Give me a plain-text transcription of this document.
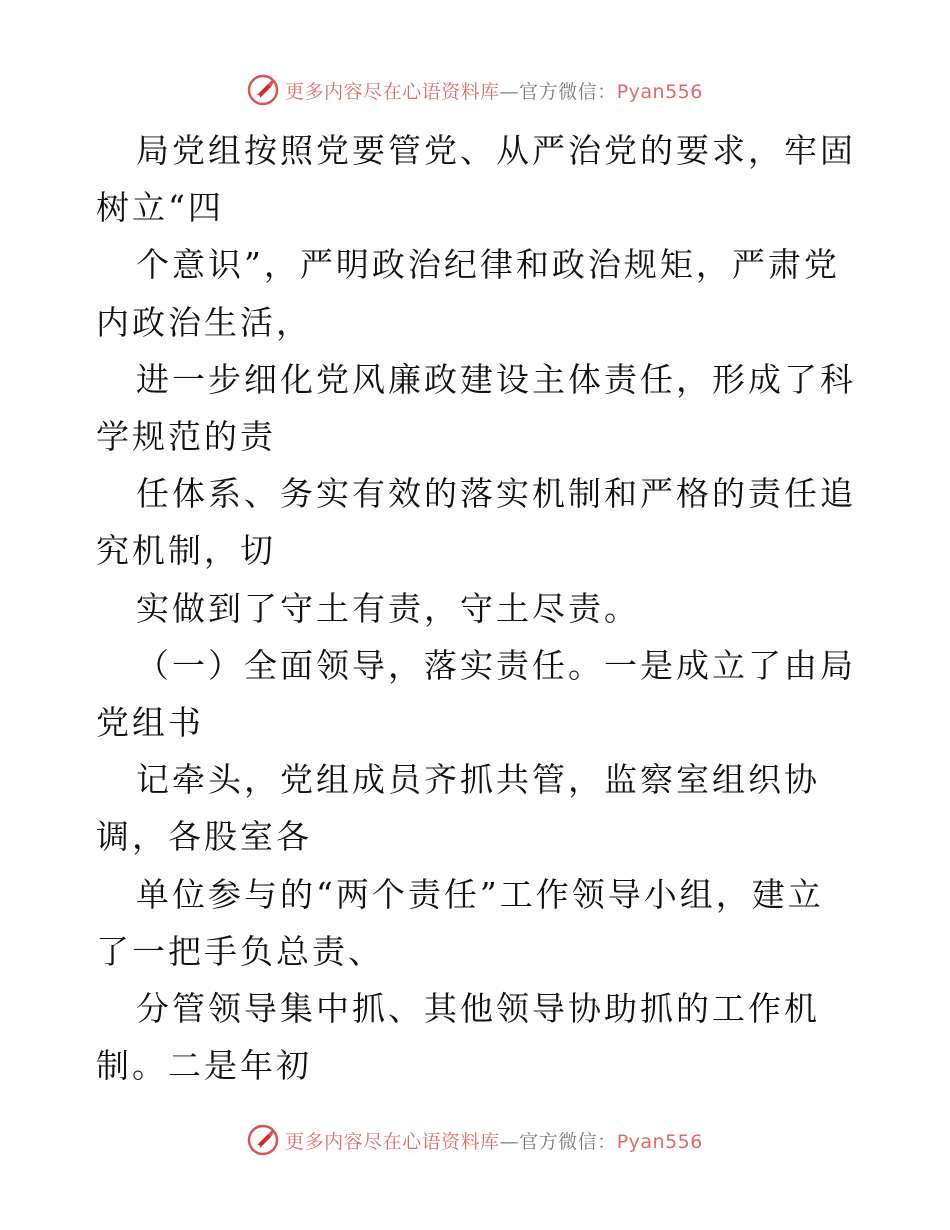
更多内容尽在心语资料库—官方微信：Pyan556

局党组按照党要管党、从严治党的要求，牢固树立“四

个意识”，严明政治纪律和政治规矩，严肃党内政治生活，

进一步细化党风廉政建设主体责任，形成了科学规范的责

任体系、务实有效的落实机制和严格的责任追究机制，切

实做到了守土有责，守土尽责。

（一）全面领导，落实责任。一是成立了由局党组书

记牵头，党组成员齐抓共管，监察室组织协调，各股室各

单位参与的“两个责任”工作领导小组，建立了一把手负总责、

分管领导集中抓、其他领导协助抓的工作机制。二是年初

更多内容尽在心语资料库—官方微信：Pyan556
